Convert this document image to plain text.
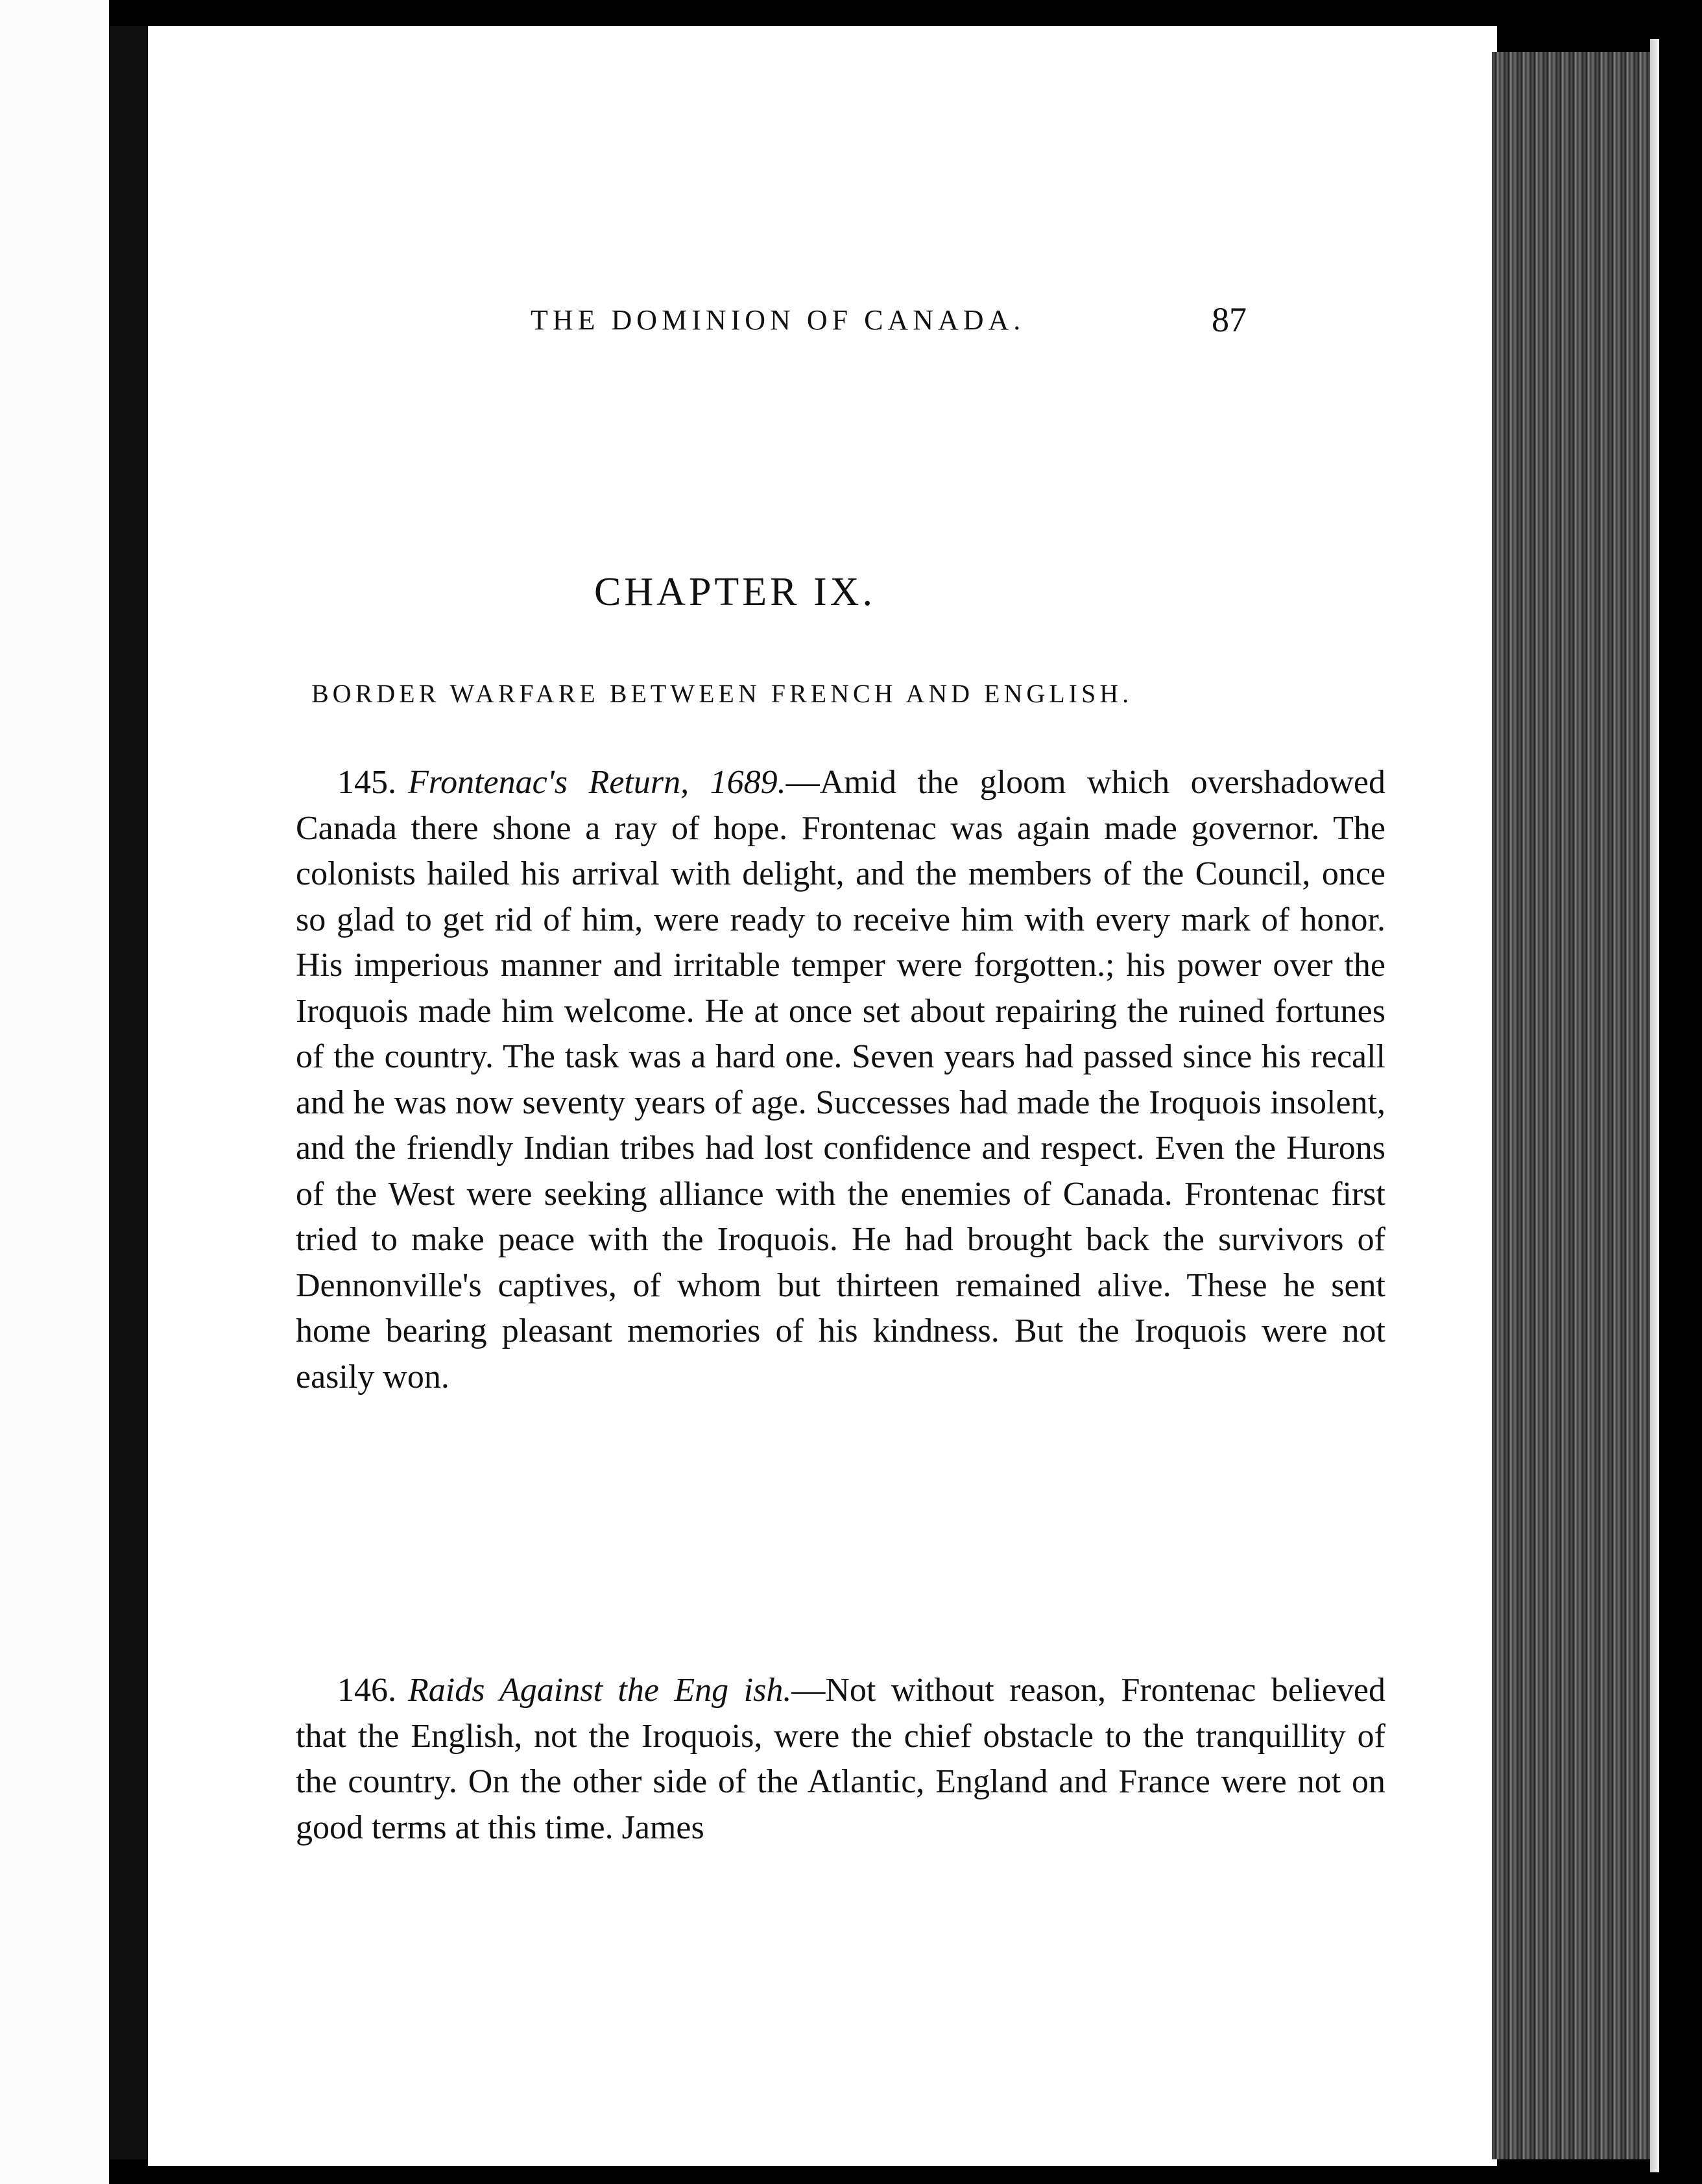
THE DOMINION OF CANADA.	87
CHAPTER IX.
BORDER WARFARE BETWEEN FRENCH AND ENGLISH.
145. Frontenac's Return, 1689.—Amid the gloom which overshadowed Canada there shone a ray of hope. Frontenac was again made governor. The colonists hailed his arrival with delight, and the members of the Council, once so glad to get rid of him, were ready to receive him with every mark of honor. His imperious manner and irritable temper were forgotten.; his power over the Iroquois made him welcome. He at once set about repairing the ruined fortunes of the country. The task was a hard one. Seven years had passed since his recall and he was now seventy years of age. Successes had made the Iroquois insolent, and the friendly Indian tribes had lost confidence and respect. Even the Hurons of the West were seeking alliance with the enemies of Canada. Frontenac first tried to make peace with the Iroquois. He had brought back the survivors of Dennonville's captives, of whom but thirteen remained alive. These he sent home bearing pleasant memories of his kindness. But the Iroquois were not easily won.
146. Raids Against the Eng ish.—Not without reason, Frontenac believed that the English, not the Iroquois, were the chief obstacle to the tranquillity of the country. On the other side of the Atlantic, England and France were not on good terms at this time. James
